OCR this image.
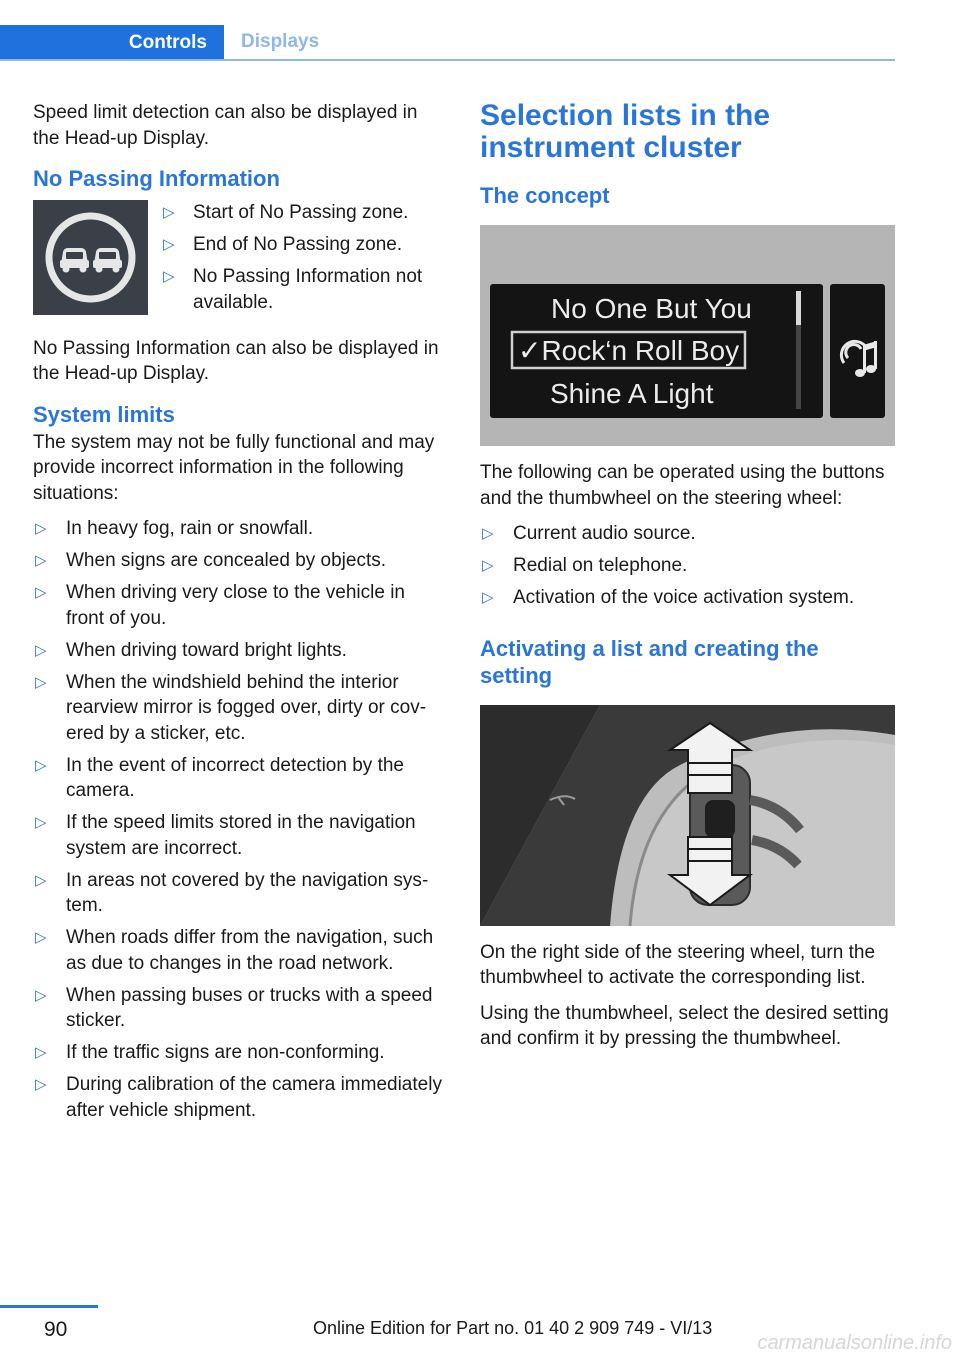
Controls Displays

Speed limit detection can also be displayed in the Head-up Display.

No Passing Information
▷ Start of No Passing zone.
▷ End of No Passing zone.
▷ No Passing Information not available.

No Passing Information can also be displayed in the Head-up Display.

System limits

The system may not be fully functional and may provide incorrect information in the following situations:

▷ In heavy fog, rain or snowfall.
▷ When signs are concealed by objects.
▷ When driving very close to the vehicle in front of you.
▷ When driving toward bright lights.
▷ When the windshield behind the interior rearview mirror is fogged over, dirty or covered by a sticker, etc.
▷ In the event of incorrect detection by the camera.
▷ If the speed limits stored in the navigation system are incorrect.
▷ In areas not covered by the navigation system.
▷ When roads differ from the navigation, such as due to changes in the road network.
▷ When passing buses or trucks with a speed sticker.
▷ If the traffic signs are non-conforming.
▷ During calibration of the camera immediately after vehicle shipment.
Selection lists in the instrument cluster
The concept
No One But You
✓Rock‘n Roll Boy
Shine A Light

The following can be operated using the buttons and the thumbwheel on the steering wheel:

▷ Current audio source.
▷ Redial on telephone.
▷ Activation of the voice activation system.
Activating a list and creating the setting

On the right side of the steering wheel, turn the thumbwheel to activate the corresponding list.

Using the thumbwheel, select the desired setting and confirm it by pressing the thumbwheel.

90	Online Edition for Part no. 01 40 2 909 749 - VI/13
carmanualsonline.info
